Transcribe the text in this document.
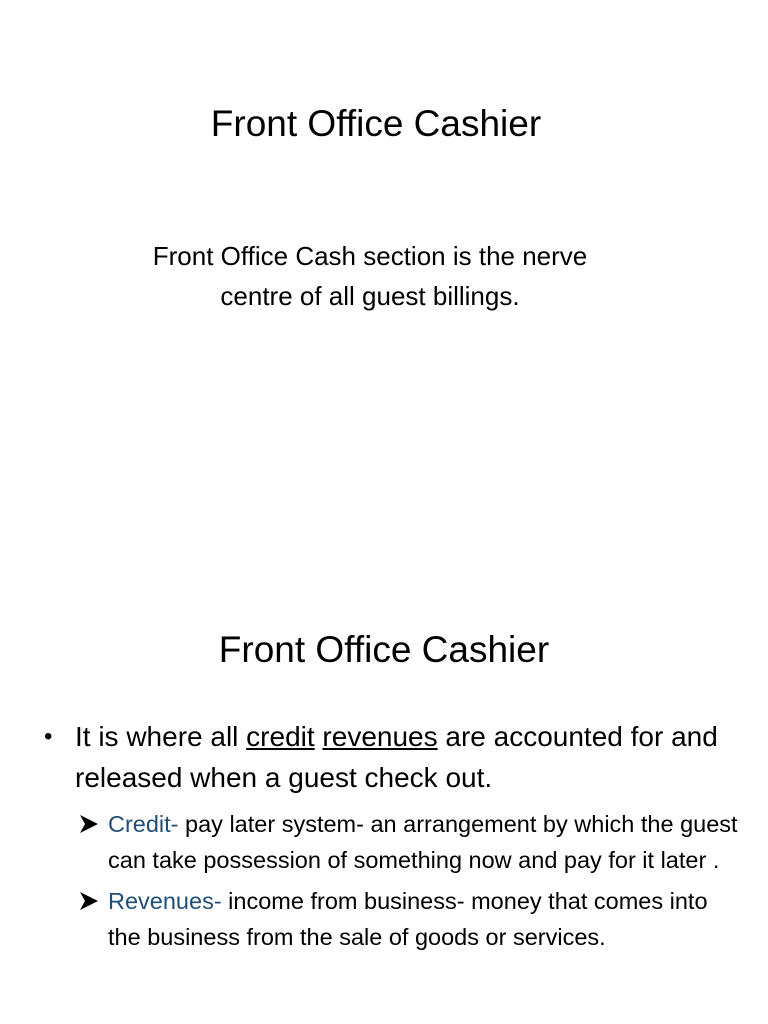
Front Office Cashier
Front Office Cash section is the nerve
centre of all guest billings.
Front Office Cashier
• It is where all credit revenues are accounted for and released when a guest check out.
Credit- pay later system- an arrangement by which the guest can take possession of something now and pay for it later .
Revenues- income from business- money that comes into the business from the sale of goods or services.
